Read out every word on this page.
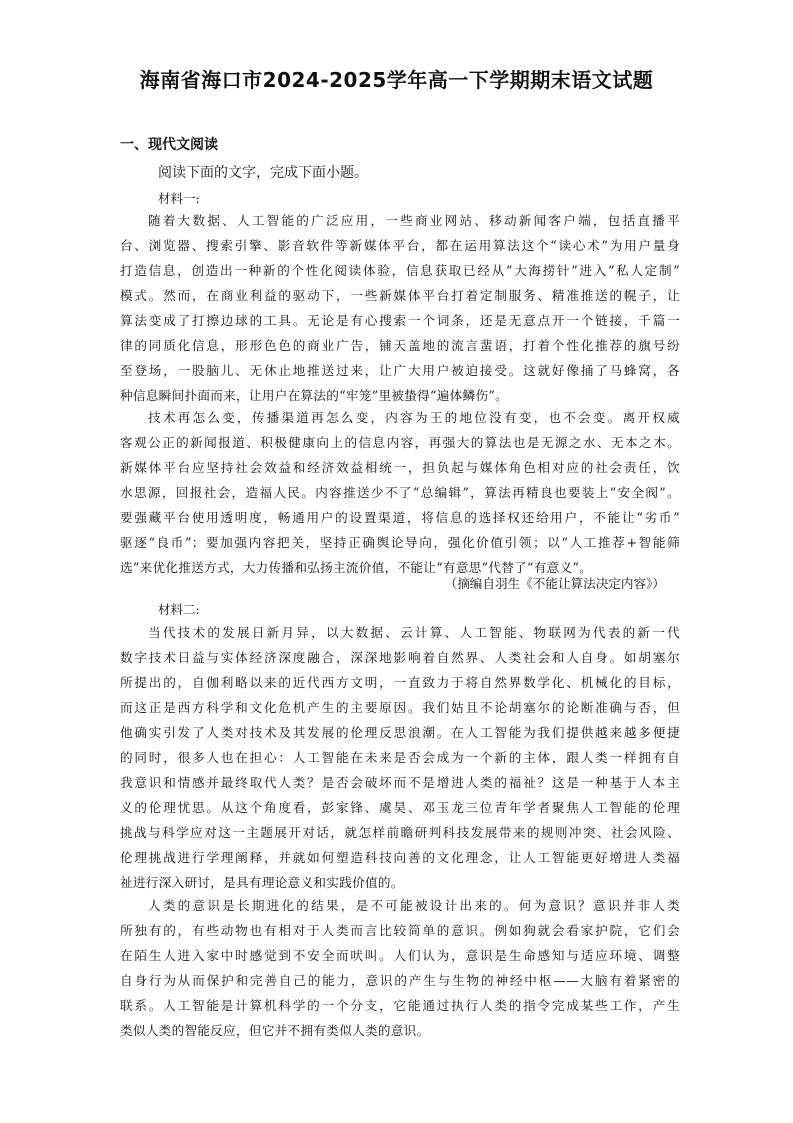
海南省海口市2024-2025学年高一下学期期末语文试题
一、现代文阅读
阅读下面的文字，完成下面小题。
材料一:
随着大数据、人工智能的广泛应用，一些商业网站、移动新闻客户端，包括直播平
台、浏览器、搜索引擎、影音软件等新媒体平台，都在运用算法这个“读心术”为用户量身
打造信息，创造出一种新的个性化阅读体验，信息获取已经从“大海捞针”进入“私人定制”
模式。然而，在商业利益的驱动下，一些新媒体平台打着定制服务、精准推送的幌子，让
算法变成了打擦边球的工具。无论是有心搜索一个词条，还是无意点开一个链接，千篇一
律的同质化信息，形形色色的商业广告，铺天盖地的流言蜚语，打着个性化推荐的旗号纷
至登场，一股脑儿、无休止地推送过来，让广大用户被迫接受。这就好像捅了马蜂窝，各
种信息瞬间扑面而来，让用户在算法的“牢笼”里被蛰得“遍体鳞伤”。
技术再怎么变，传播渠道再怎么变，内容为王的地位没有变，也不会变。离开权威
客观公正的新闻报道、积极健康向上的信息内容，再强大的算法也是无源之水、无本之木。
新媒体平台应坚持社会效益和经济效益相统一，担负起与媒体角色相对应的社会责任，饮
水思源，回报社会，造福人民。内容推送少不了“总编辑”，算法再精良也要装上“安全阀”。
要强藏平台使用透明度，畅通用户的设置渠道，将信息的选择权还给用户，不能让“劣币”
驱逐“良币”；要加强内容把关，坚持正确舆论导向，强化价值引领；以“人工推荐+智能筛
选”来优化推送方式，大力传播和弘扬主流价值，不能让“有意思”代替了“有意义”。
（摘编自羽生《不能让算法决定内容》）
材料二:
当代技术的发展日新月异，以大数据、云计算、人工智能、物联网为代表的新一代
数字技术日益与实体经济深度融合，深深地影响着自然界、人类社会和人自身。如胡塞尔
所提出的，自伽利略以来的近代西方文明，一直致力于将自然界数学化、机械化的目标，
而这正是西方科学和文化危机产生的主要原因。我们姑且不论胡塞尔的论断准确与否，但
他确实引发了人类对技术及其发展的伦理反思浪潮。在人工智能为我们提供越来越多便捷
的同时，很多人也在担心：人工智能在未来是否会成为一个新的主体，跟人类一样拥有自
我意识和情感并最终取代人类？是否会破坏而不是增进人类的福祉？这是一种基于人本主
义的伦理忧思。从这个角度看，彭家锋、虞昊、邓玉龙三位青年学者聚焦人工智能的伦理
挑战与科学应对这一主题展开对话，就怎样前瞻研判科技发展带来的规则冲突、社会风险、
伦理挑战进行学理阐释，并就如何塑造科技向善的文化理念，让人工智能更好增进人类福
祉进行深入研讨，是具有理论意义和实践价值的。
人类的意识是长期进化的结果，是不可能被设计出来的。何为意识？意识并非人类
所独有的，有些动物也有相对于人类而言比较简单的意识。例如狗就会看家护院，它们会
在陌生人进入家中时感觉到不安全而吠叫。人们认为，意识是生命感知与适应环境、调整
自身行为从而保护和完善自己的能力，意识的产生与生物的神经中枢——大脑有着紧密的
联系。人工智能是计算机科学的一个分支，它能通过执行人类的指令完成某些工作，产生
类似人类的智能反应，但它并不拥有类似人类的意识。
